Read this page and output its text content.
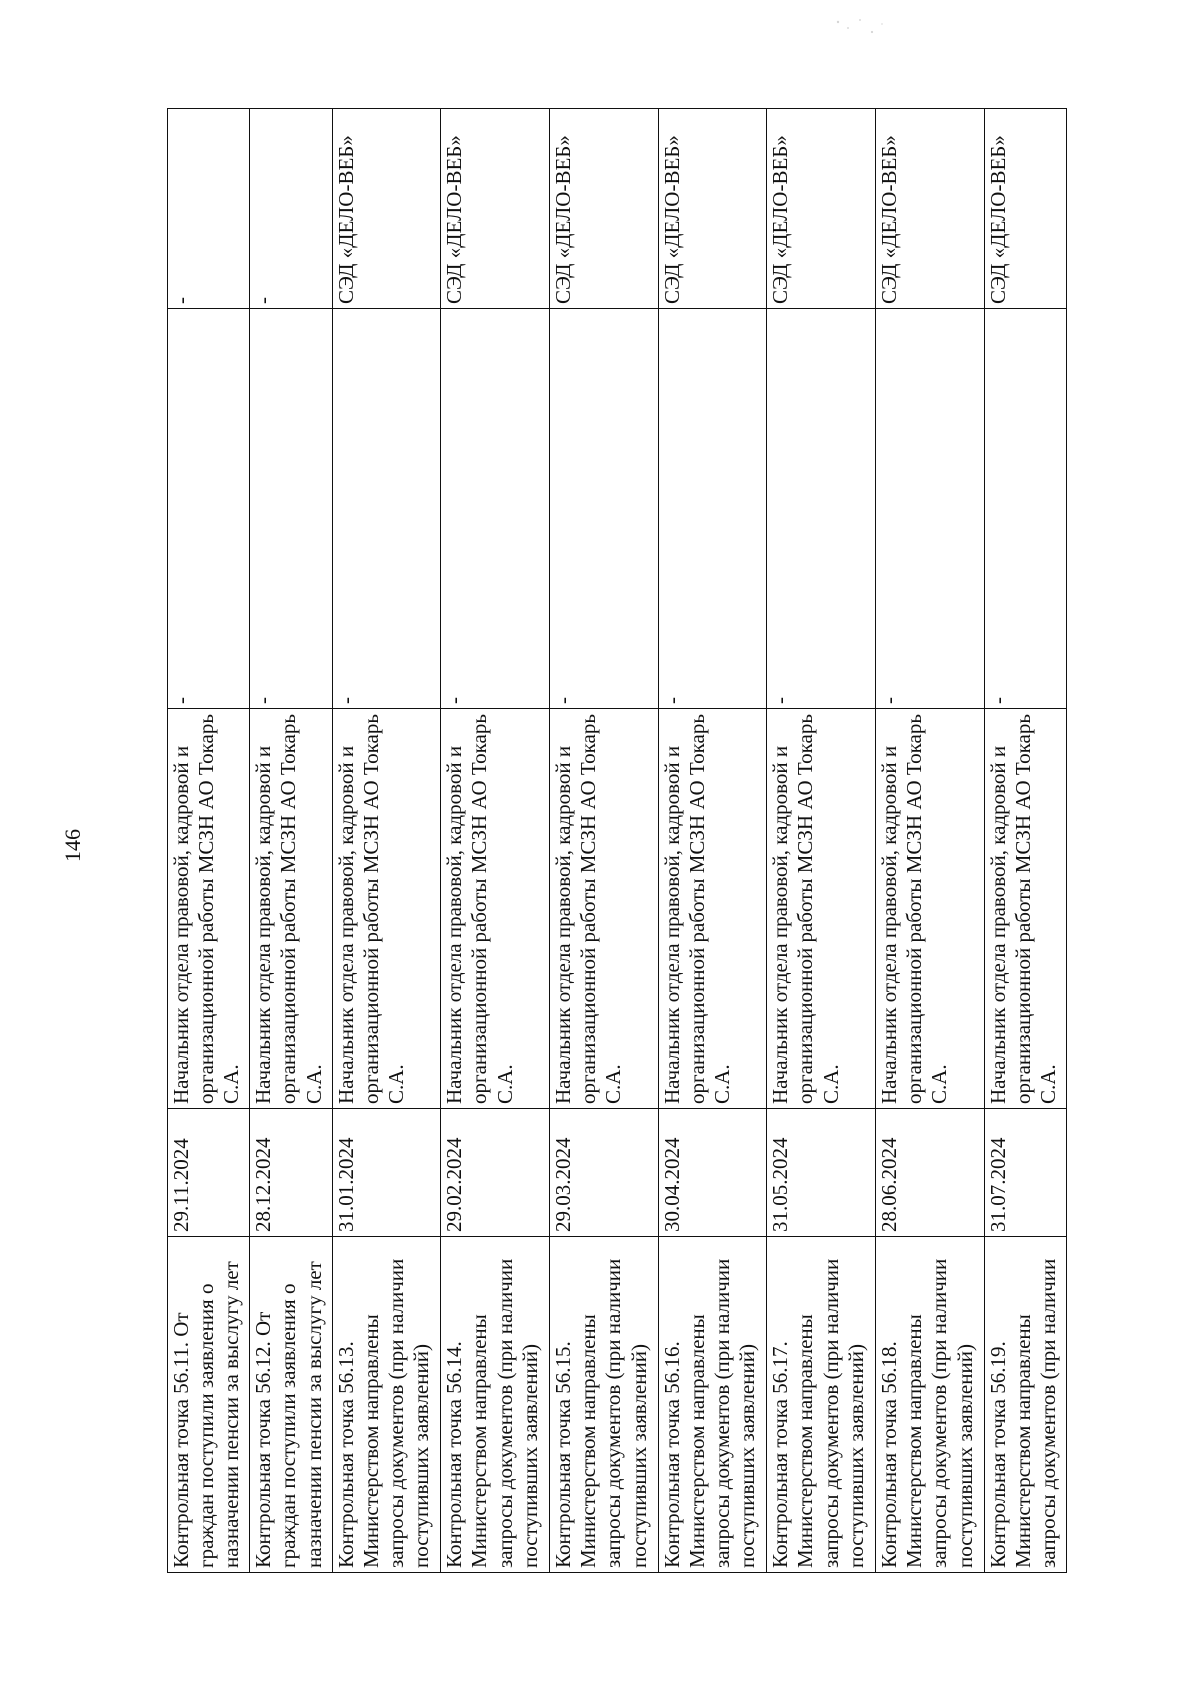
146
Контрольная точка 56.11. От граждан поступили заявления о назначении пенсии за выслугу лет	29.11.2024	Начальник отдела правовой, кадровой и организационной работы МСЗН АО Токарь С.А.	-	-
Контрольная точка 56.12. От граждан поступили заявления о назначении пенсии за выслугу лет	28.12.2024	Начальник отдела правовой, кадровой и организационной работы МСЗН АО Токарь С.А.	-	-
Контрольная точка 56.13. Министерством направлены запросы документов (при наличии поступивших заявлений)	31.01.2024	Начальник отдела правовой, кадровой и организационной работы МСЗН АО Токарь С.А.	-	СЭД «ДЕЛО-ВЕБ»
Контрольная точка 56.14. Министерством направлены запросы документов (при наличии поступивших заявлений)	29.02.2024	Начальник отдела правовой, кадровой и организационной работы МСЗН АО Токарь С.А.	-	СЭД «ДЕЛО-ВЕБ»
Контрольная точка 56.15. Министерством направлены запросы документов (при наличии поступивших заявлений)	29.03.2024	Начальник отдела правовой, кадровой и организационной работы МСЗН АО Токарь С.А.	-	СЭД «ДЕЛО-ВЕБ»
Контрольная точка 56.16. Министерством направлены запросы документов (при наличии поступивших заявлений)	30.04.2024	Начальник отдела правовой, кадровой и организационной работы МСЗН АО Токарь С.А.	-	СЭД «ДЕЛО-ВЕБ»
Контрольная точка 56.17. Министерством направлены запросы документов (при наличии поступивших заявлений)	31.05.2024	Начальник отдела правовой, кадровой и организационной работы МСЗН АО Токарь С.А.	-	СЭД «ДЕЛО-ВЕБ»
Контрольная точка 56.18. Министерством направлены запросы документов (при наличии поступивших заявлений)	28.06.2024	Начальник отдела правовой, кадровой и организационной работы МСЗН АО Токарь С.А.	-	СЭД «ДЕЛО-ВЕБ»
Контрольная точка 56.19. Министерством направлены запросы документов (при наличии	31.07.2024	Начальник отдела правовой, кадровой и организационной работы МСЗН АО Токарь С.А.	-	СЭД «ДЕЛО-ВЕБ»
